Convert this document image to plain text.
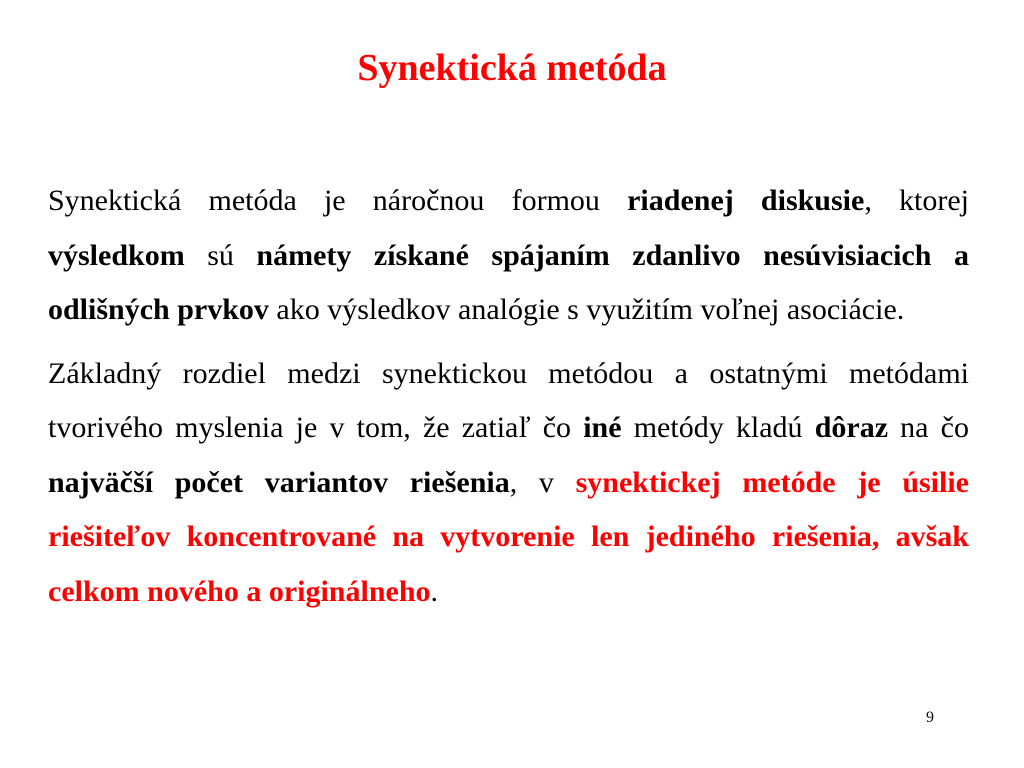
Synektická metóda

Synektická metóda je náročnou formou riadenej diskusie, ktorej výsledkom sú námety získané spájaním zdanlivo nesúvisiacich a odlišných prvkov ako výsledkov analógie s využitím voľnej asociácie.

Základný rozdiel medzi synektickou metódou a ostatnými metódami tvorivého myslenia je v tom, že zatiaľ čo iné metódy kladú dôraz na čo najväčší počet variantov riešenia, v synektickej metóde je úsilie riešiteľov koncentrované na vytvorenie len jediného riešenia, avšak celkom nového a originálneho.

9
